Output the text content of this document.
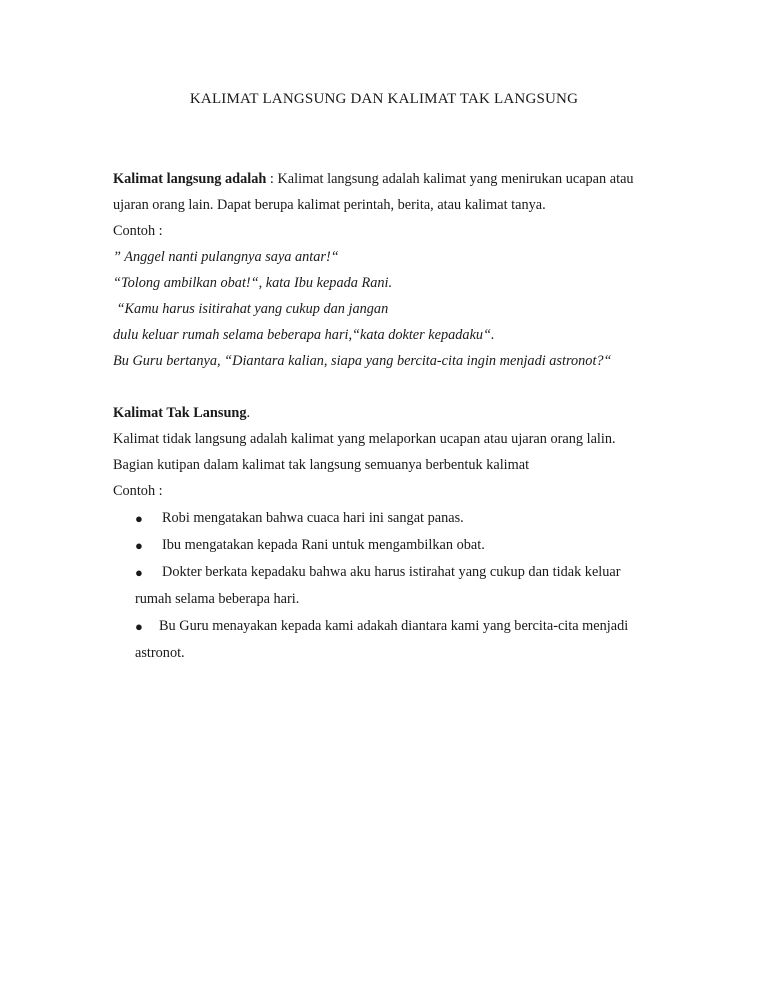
KALIMAT LANGSUNG DAN KALIMAT TAK LANGSUNG
Kalimat langsung adalah : Kalimat langsung adalah kalimat yang menirukan ucapan atau
ujaran orang lain. Dapat berupa kalimat perintah, berita, atau kalimat tanya.
Contoh :
” Anggel nanti pulangnya saya antar!“
“Tolong ambilkan obat!“, kata Ibu kepada Rani.
“Kamu harus isitirahat yang cukup dan jangan
dulu keluar rumah selama beberapa hari,“kata dokter kepadaku“.
Bu Guru bertanya, “Diantara kalian, siapa yang bercita-cita ingin menjadi astronot?“
Kalimat Tak Lansung.
Kalimat tidak langsung adalah kalimat yang melaporkan ucapan atau ujaran orang lalin.
Bagian kutipan dalam kalimat tak langsung semuanya berbentuk kalimat
Contoh :
● Robi mengatakan bahwa cuaca hari ini sangat panas.
● Ibu mengatakan kepada Rani untuk mengambilkan obat.
● Dokter berkata kepadaku bahwa aku harus istirahat yang cukup dan tidak keluar
rumah selama beberapa hari.
● Bu Guru menayakan kepada kami adakah diantara kami yang bercita-cita menjadi
astronot.
